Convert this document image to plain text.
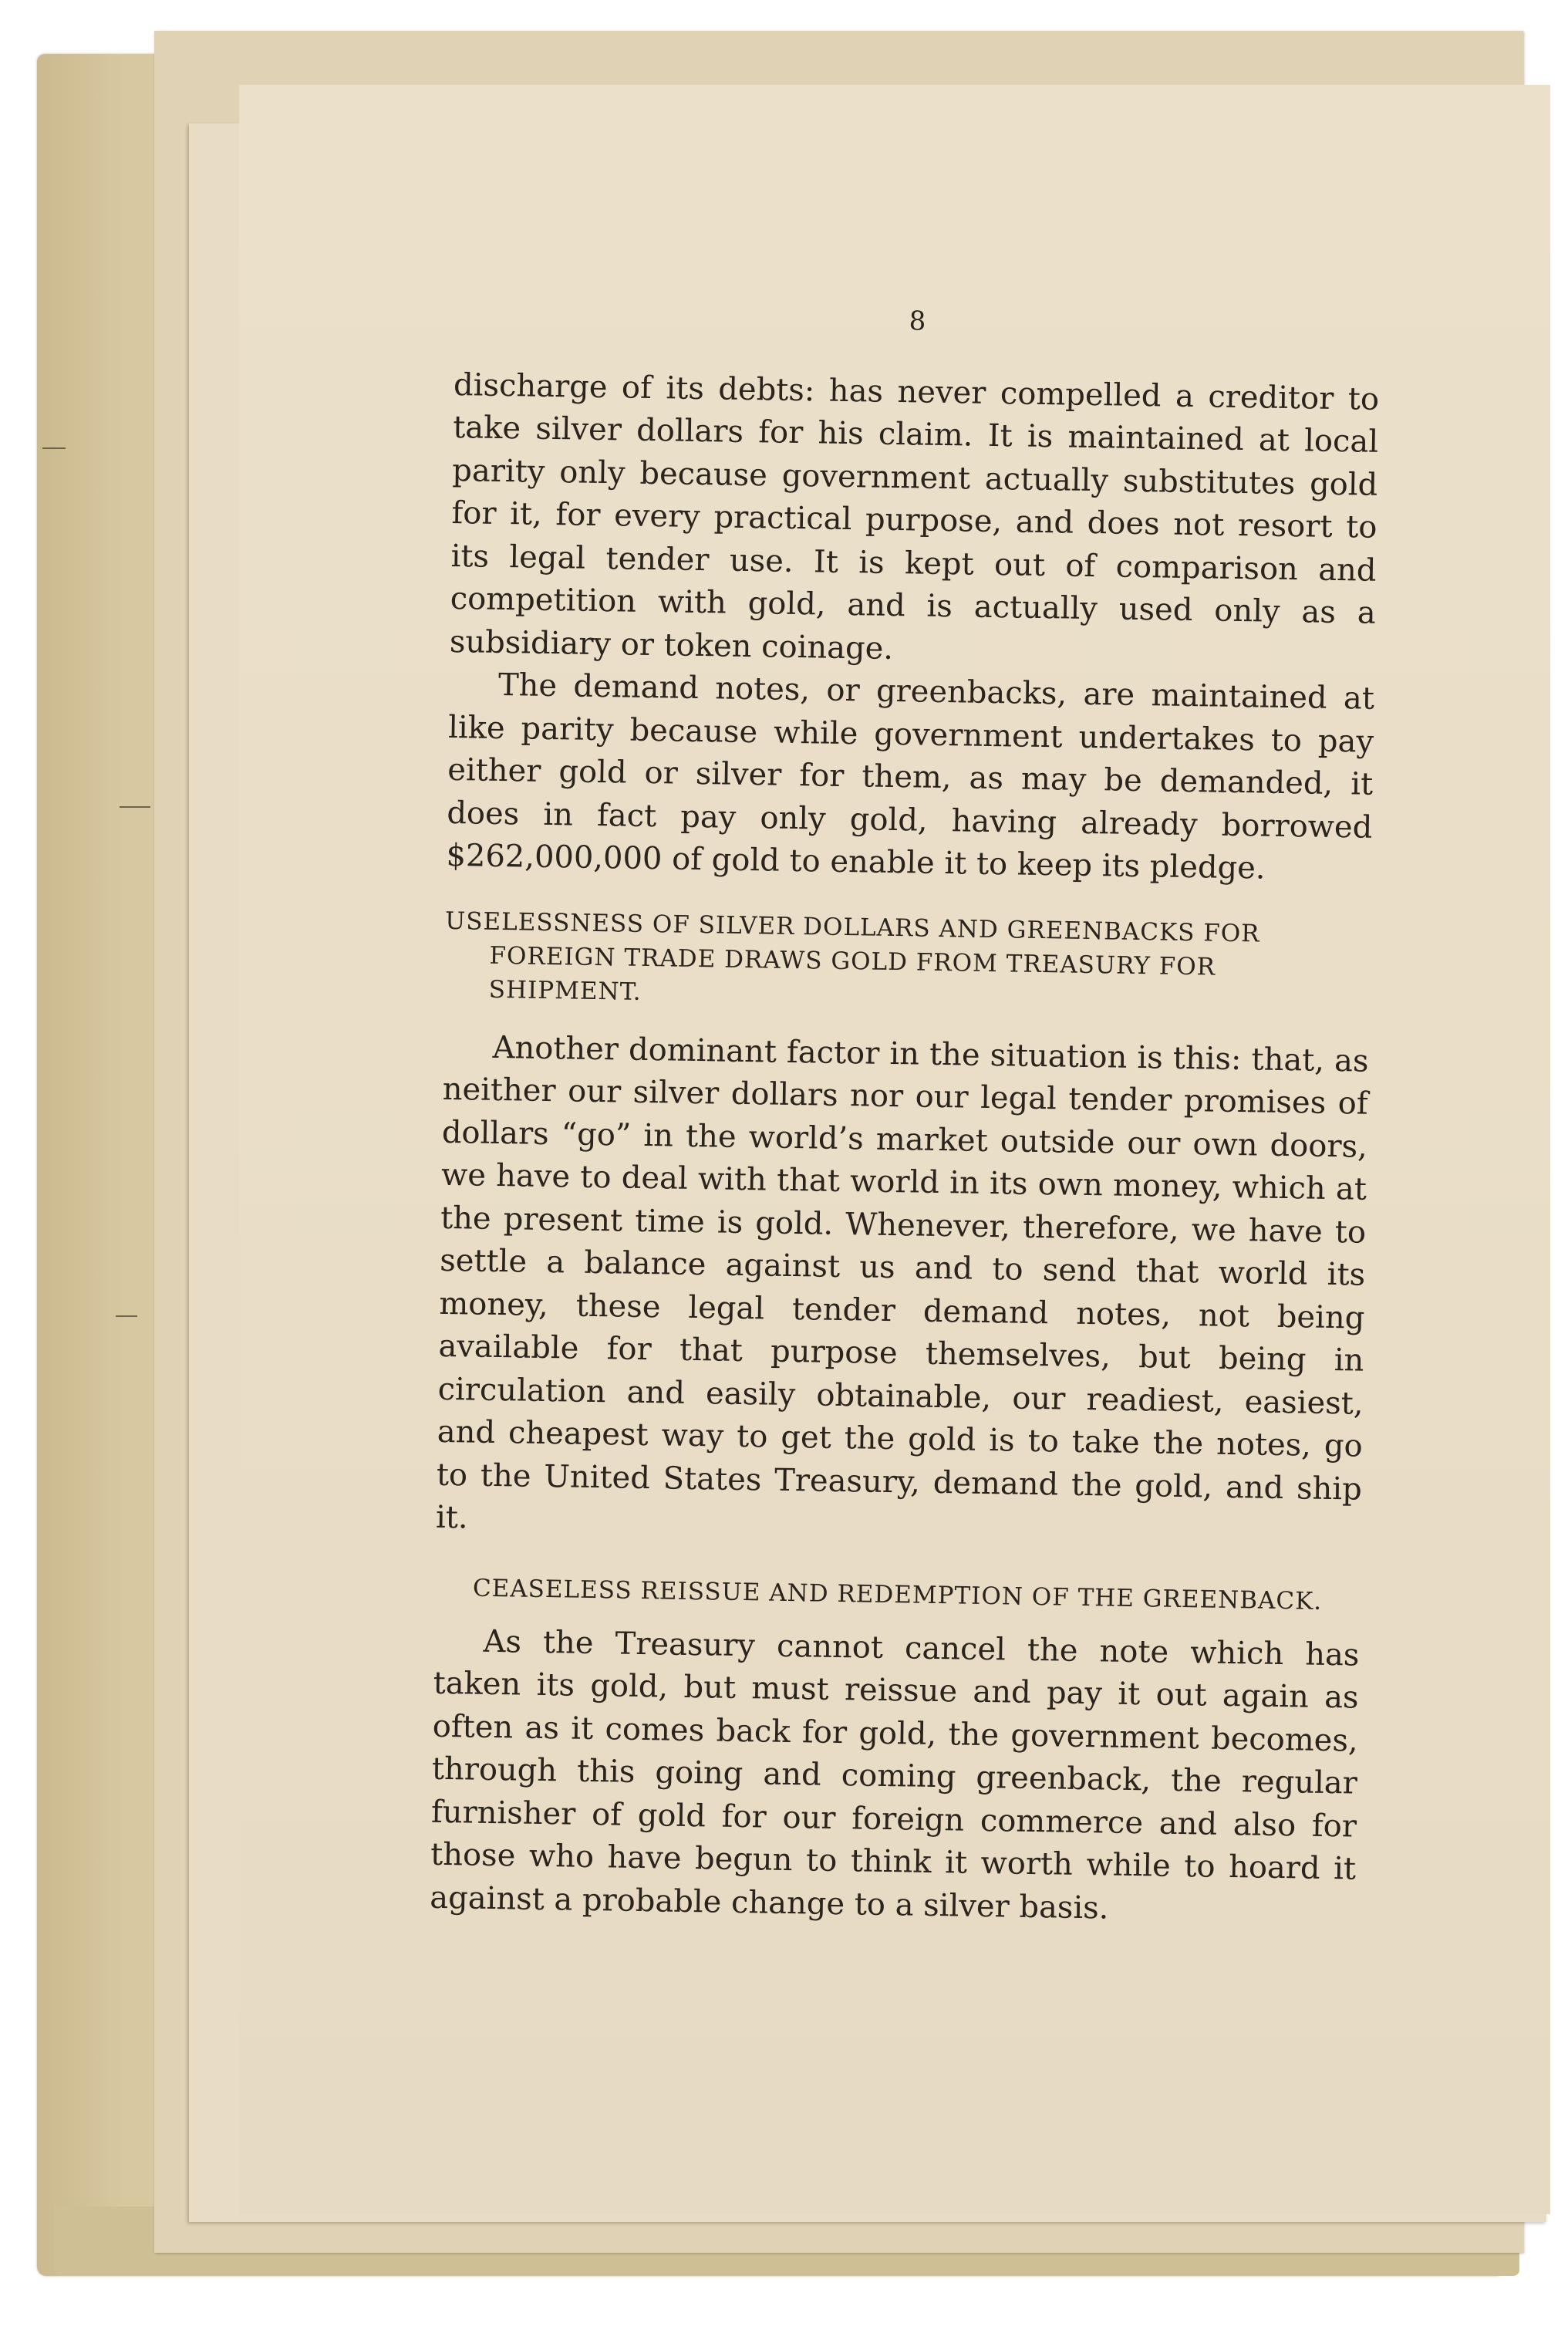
8

discharge of its debts: has never compelled a creditor to take silver dollars for his claim. It is maintained at local parity only because government actually substitutes gold for it, for every practical purpose, and does not resort to its legal tender use. It is kept out of comparison and competition with gold, and is actually used only as a subsidiary or token coinage.

The demand notes, or greenbacks, are maintained at like parity because while government undertakes to pay either gold or silver for them, as may be demanded, it does in fact pay only gold, having already borrowed $262,000,000 of gold to enable it to keep its pledge.

USELESSNESS OF SILVER DOLLARS AND GREENBACKS FOR FOREIGN TRADE DRAWS GOLD FROM TREASURY FOR SHIPMENT.

Another dominant factor in the situation is this: that, as neither our silver dollars nor our legal tender promises of dollars “go” in the world’s market outside our own doors, we have to deal with that world in its own money, which at the present time is gold. Whenever, therefore, we have to settle a balance against us and to send that world its money, these legal tender demand notes, not being available for that purpose themselves, but being in circulation and easily obtainable, our readiest, easiest, and cheapest way to get the gold is to take the notes, go to the United States Treasury, demand the gold, and ship it.

CEASELESS REISSUE AND REDEMPTION OF THE GREENBACK.

As the Treasury cannot cancel the note which has taken its gold, but must reissue and pay it out again as often as it comes back for gold, the government becomes, through this going and coming greenback, the regular furnisher of gold for our foreign commerce and also for those who have begun to think it worth while to hoard it against a probable change to a silver basis.
